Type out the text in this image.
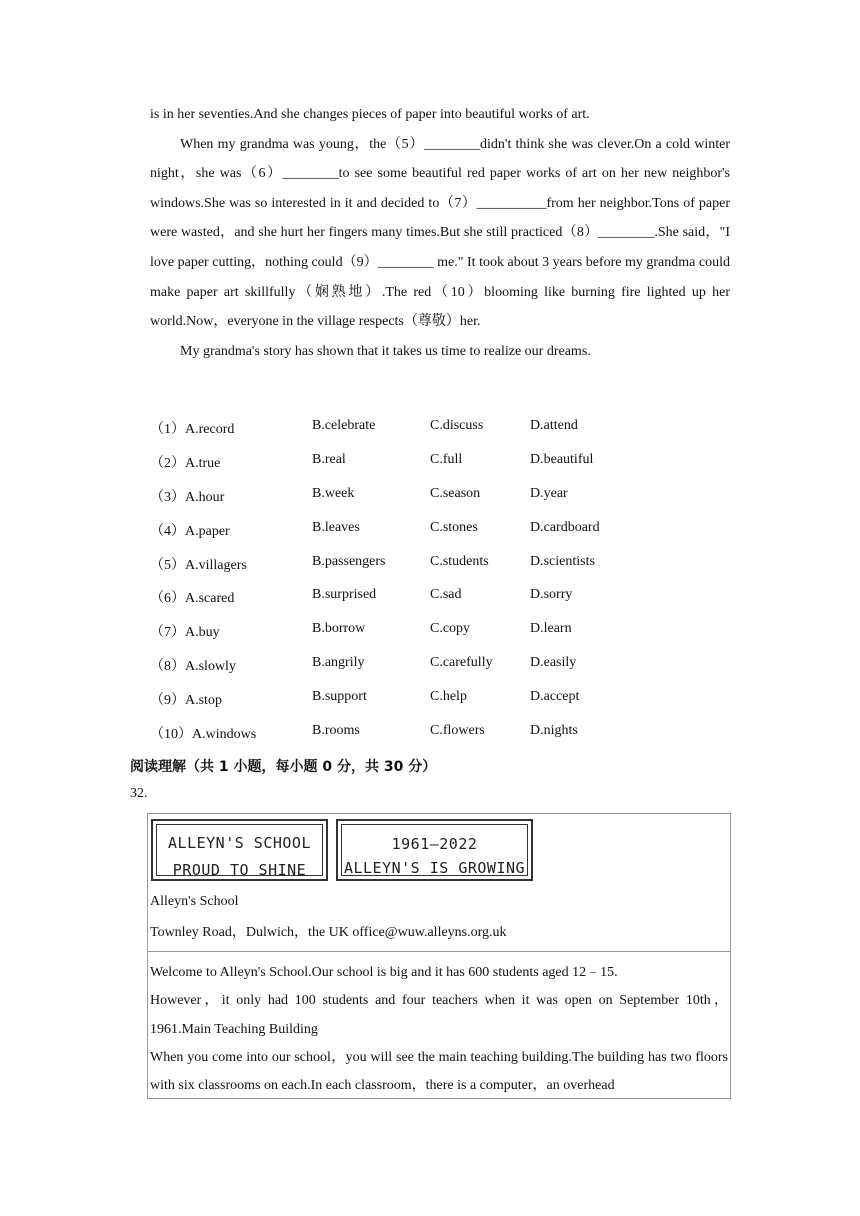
is in her seventies.And she changes pieces of paper into beautiful works of art.

When my grandma was young，the（5）________didn't think she was clever.On a cold winter night，she was（6）________to see some beautiful red paper works of art on her new neighbor's windows.She was so interested in it and decided to（7）__________from her neighbor.Tons of paper were wasted，and she hurt her fingers many times.But she still practiced（8）________.She said，"I love paper cutting，nothing could（9）________ me." It took about 3 years before my grandma could make paper art skillfully（娴熟地）.The red（10）blooming like burning fire lighted up her world.Now，everyone in the village respects（尊敬）her.

My grandma's story has shown that it takes us time to realize our dreams.

（1）A.record	B.celebrate	C.discuss	D.attend
（2）A.true	B.real	C.full	D.beautiful
（3）A.hour	B.week	C.season	D.year
（4）A.paper	B.leaves	C.stones	D.cardboard
（5）A.villagers	B.passengers	C.students	D.scientists
（6）A.scared	B.surprised	C.sad	D.sorry
（7）A.buy	B.borrow	C.copy	D.learn
（8）A.slowly	B.angrily	C.carefully	D.easily
（9）A.stop	B.support	C.help	D.accept
（10）A.windows	B.rooms	C.flowers	D.nights
阅读理解（共 1 小题，每小题 0 分，共 30 分）
32.
ALLEYN'S SCHOOL
PROUD TO SHINE
1961—2022
ALLEYN'S IS GROWING
Alleyn's School
Townley Road，Dulwich，the UK office@wuw.alleyns.org.uk

Welcome to Alleyn's School.Our school is big and it has 600 students aged 12﹣15.

However，it only had 100 students and four teachers when it was open on September 10th，1961.Main Teaching Building

When you come into our school，you will see the main teaching building.The building has two floors with six classrooms on each.In each classroom，there is a computer，an overhead
